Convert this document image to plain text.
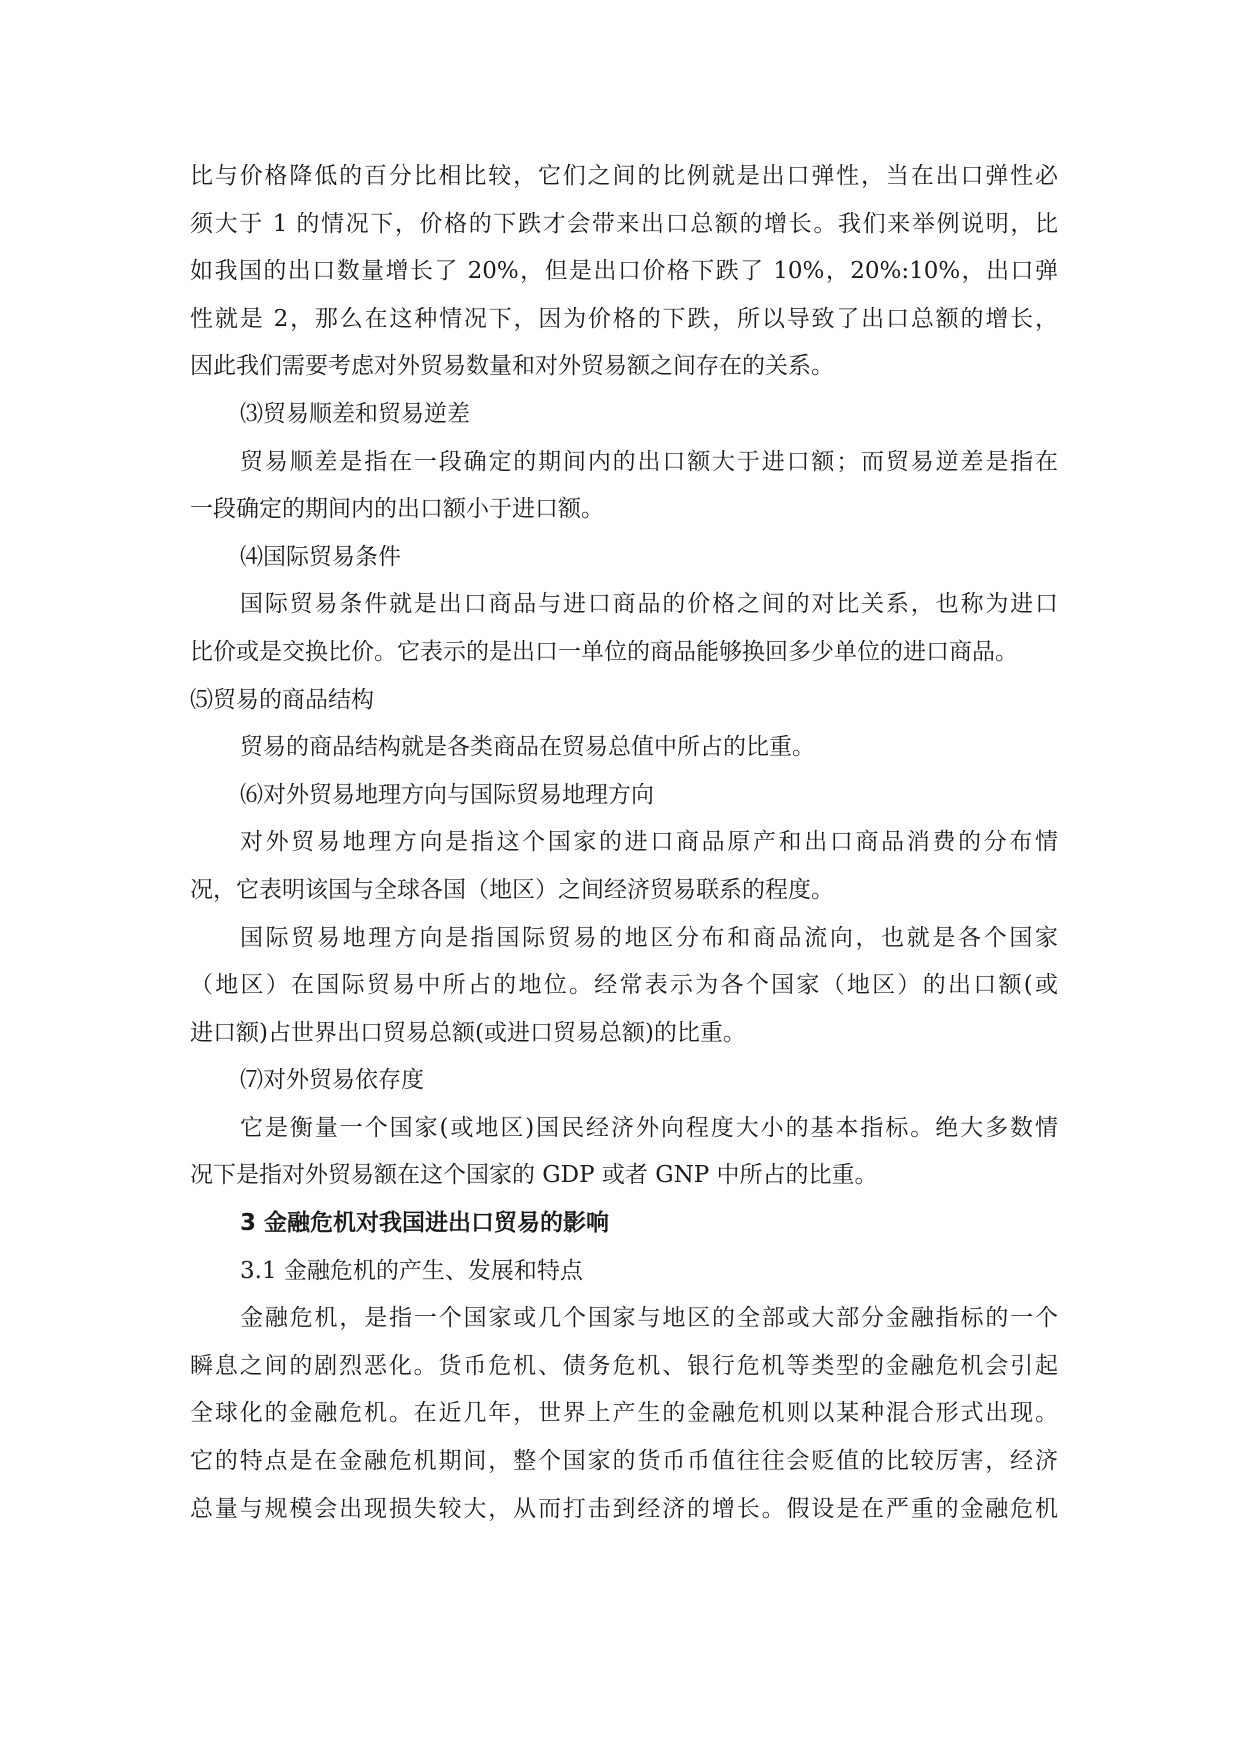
比与价格降低的百分比相比较，它们之间的比例就是出口弹性，当在出口弹性必
须大于 1 的情况下，价格的下跌才会带来出口总额的增长。我们来举例说明，比
如我国的出口数量增长了 20%，但是出口价格下跌了 10%，20%:10%，出口弹
性就是 2，那么在这种情况下，因为价格的下跌，所以导致了出口总额的增长，
因此我们需要考虑对外贸易数量和对外贸易额之间存在的关系。
⑶贸易顺差和贸易逆差
贸易顺差是指在一段确定的期间内的出口额大于进口额；而贸易逆差是指在
一段确定的期间内的出口额小于进口额。
⑷国际贸易条件
国际贸易条件就是出口商品与进口商品的价格之间的对比关系，也称为进口
比价或是交换比价。它表示的是出口一单位的商品能够换回多少单位的进口商品。
⑸贸易的商品结构
贸易的商品结构就是各类商品在贸易总值中所占的比重。
⑹对外贸易地理方向与国际贸易地理方向
对外贸易地理方向是指这个国家的进口商品原产和出口商品消费的分布情
况，它表明该国与全球各国（地区）之间经济贸易联系的程度。
国际贸易地理方向是指国际贸易的地区分布和商品流向，也就是各个国家
（地区）在国际贸易中所占的地位。经常表示为各个国家（地区）的出口额(或
进口额)占世界出口贸易总额(或进口贸易总额)的比重。
⑺对外贸易依存度
它是衡量一个国家(或地区)国民经济外向程度大小的基本指标。绝大多数情
况下是指对外贸易额在这个国家的 GDP 或者 GNP 中所占的比重。
3 金融危机对我国进出口贸易的影响
3.1 金融危机的产生、发展和特点
金融危机，是指一个国家或几个国家与地区的全部或大部分金融指标的一个
瞬息之间的剧烈恶化。货币危机、债务危机、银行危机等类型的金融危机会引起
全球化的金融危机。在近几年，世界上产生的金融危机则以某种混合形式出现。
它的特点是在金融危机期间，整个国家的货币币值往往会贬值的比较厉害，经济
总量与规模会出现损失较大，从而打击到经济的增长。假设是在严重的金融危机
